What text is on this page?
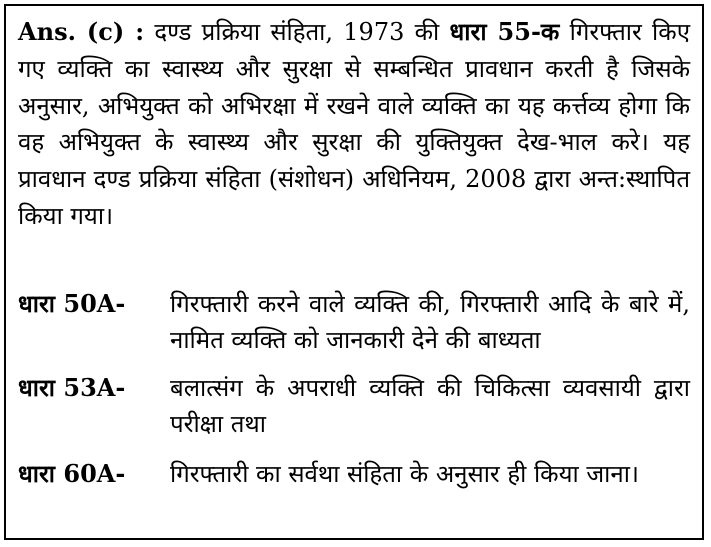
Ans. (c) : दण्ड प्रक्रिया संहिता, 1973 की धारा 55-क गिरफ्तार किए गए व्यक्ति का स्वास्थ्य और सुरक्षा से सम्बन्धित प्रावधान करती है जिसके अनुसार, अभियुक्त को अभिरक्षा में रखने वाले व्यक्ति का यह कर्त्तव्य होगा कि वह अभियुक्त के स्वास्थ्य और सुरक्षा की युक्तियुक्त देख-भाल करे। यह प्रावधान दण्ड प्रक्रिया संहिता (संशोधन) अधिनियम, 2008 द्वारा अन्त:स्थापित किया गया।
धारा 50A-	गिरफ्तारी करने वाले व्यक्ति की, गिरफ्तारी आदि के बारे में, नामित व्यक्ति को जानकारी देने की बाध्यता
धारा 53A-	बलात्संग के अपराधी व्यक्ति की चिकित्सा व्यवसायी द्वारा परीक्षा तथा
धारा 60A-	गिरफ्तारी का सर्वथा संहिता के अनुसार ही किया जाना।
